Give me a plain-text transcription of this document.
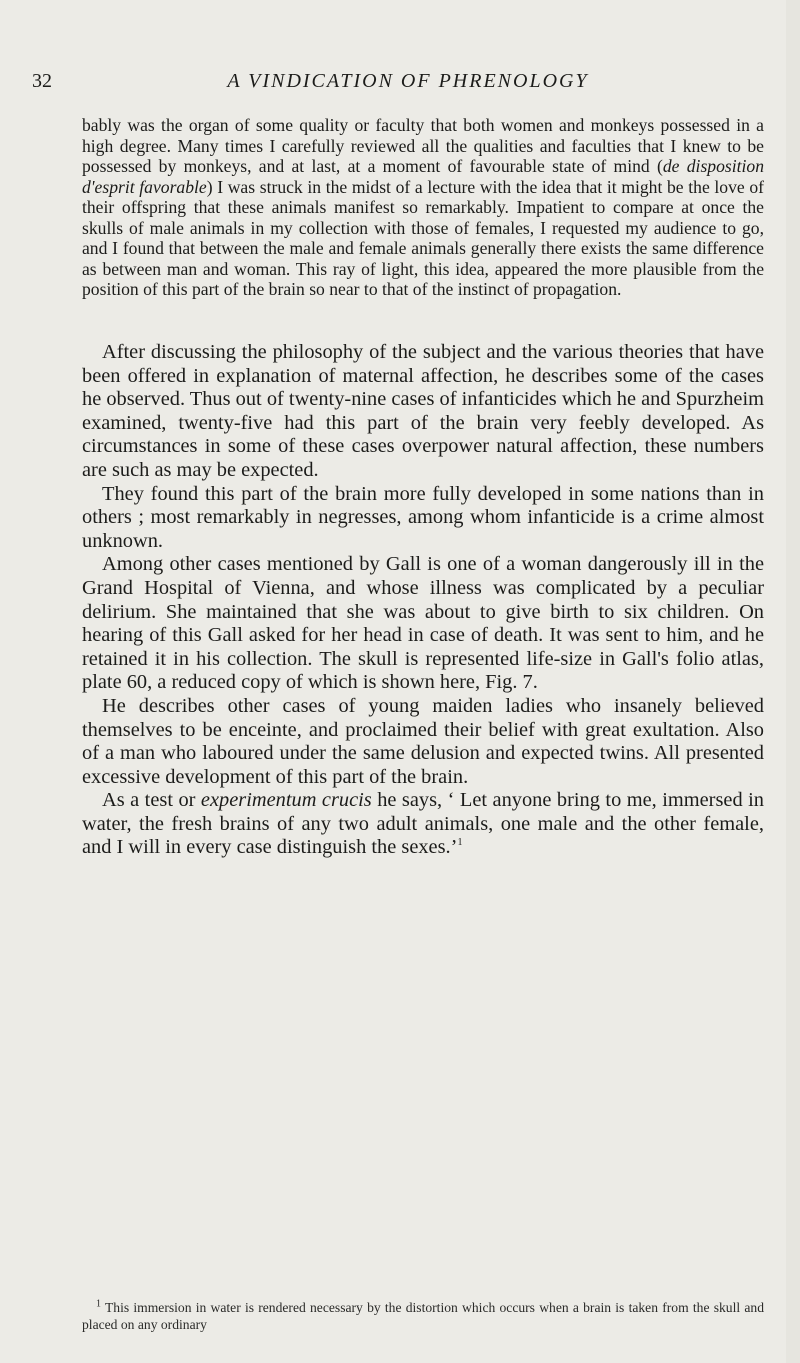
32	A VINDICATION OF PHRENOLOGY

bably was the organ of some quality or faculty that both women and monkeys possessed in a high degree. Many times I carefully reviewed all the qualities and faculties that I knew to be possessed by monkeys, and at last, at a moment of favourable state of mind (de disposition d'esprit favorable) I was struck in the midst of a lecture with the idea that it might be the love of their offspring that these animals manifest so remarkably. Impatient to compare at once the skulls of male animals in my collection with those of females, I requested my audience to go, and I found that between the male and female animals generally there exists the same difference as between man and woman. This ray of light, this idea, appeared the more plausible from the position of this part of the brain so near to that of the instinct of propagation.

After discussing the philosophy of the subject and the various theories that have been offered in explanation of maternal affection, he describes some of the cases he observed. Thus out of twenty-nine cases of infanticides which he and Spurzheim examined, twenty-five had this part of the brain very feebly developed. As circumstances in some of these cases overpower natural affection, these numbers are such as may be expected.

They found this part of the brain more fully developed in some nations than in others ; most remarkably in negresses, among whom infanticide is a crime almost unknown.

Among other cases mentioned by Gall is one of a woman dangerously ill in the Grand Hospital of Vienna, and whose illness was complicated by a peculiar delirium. She maintained that she was about to give birth to six children. On hearing of this Gall asked for her head in case of death. It was sent to him, and he retained it in his collection. The skull is represented life-size in Gall's folio atlas, plate 60, a reduced copy of which is shown here, Fig. 7.

He describes other cases of young maiden ladies who insanely believed themselves to be enceinte, and proclaimed their belief with great exultation. Also of a man who laboured under the same delusion and expected twins. All presented excessive development of this part of the brain.

As a test or experimentum crucis he says, ‘ Let anyone bring to me, immersed in water, the fresh brains of any two adult animals, one male and the other female, and I will in every case distinguish the sexes.’$^1$

$^1$ This immersion in water is rendered necessary by the distortion which occurs when a brain is taken from the skull and placed on any ordinary
